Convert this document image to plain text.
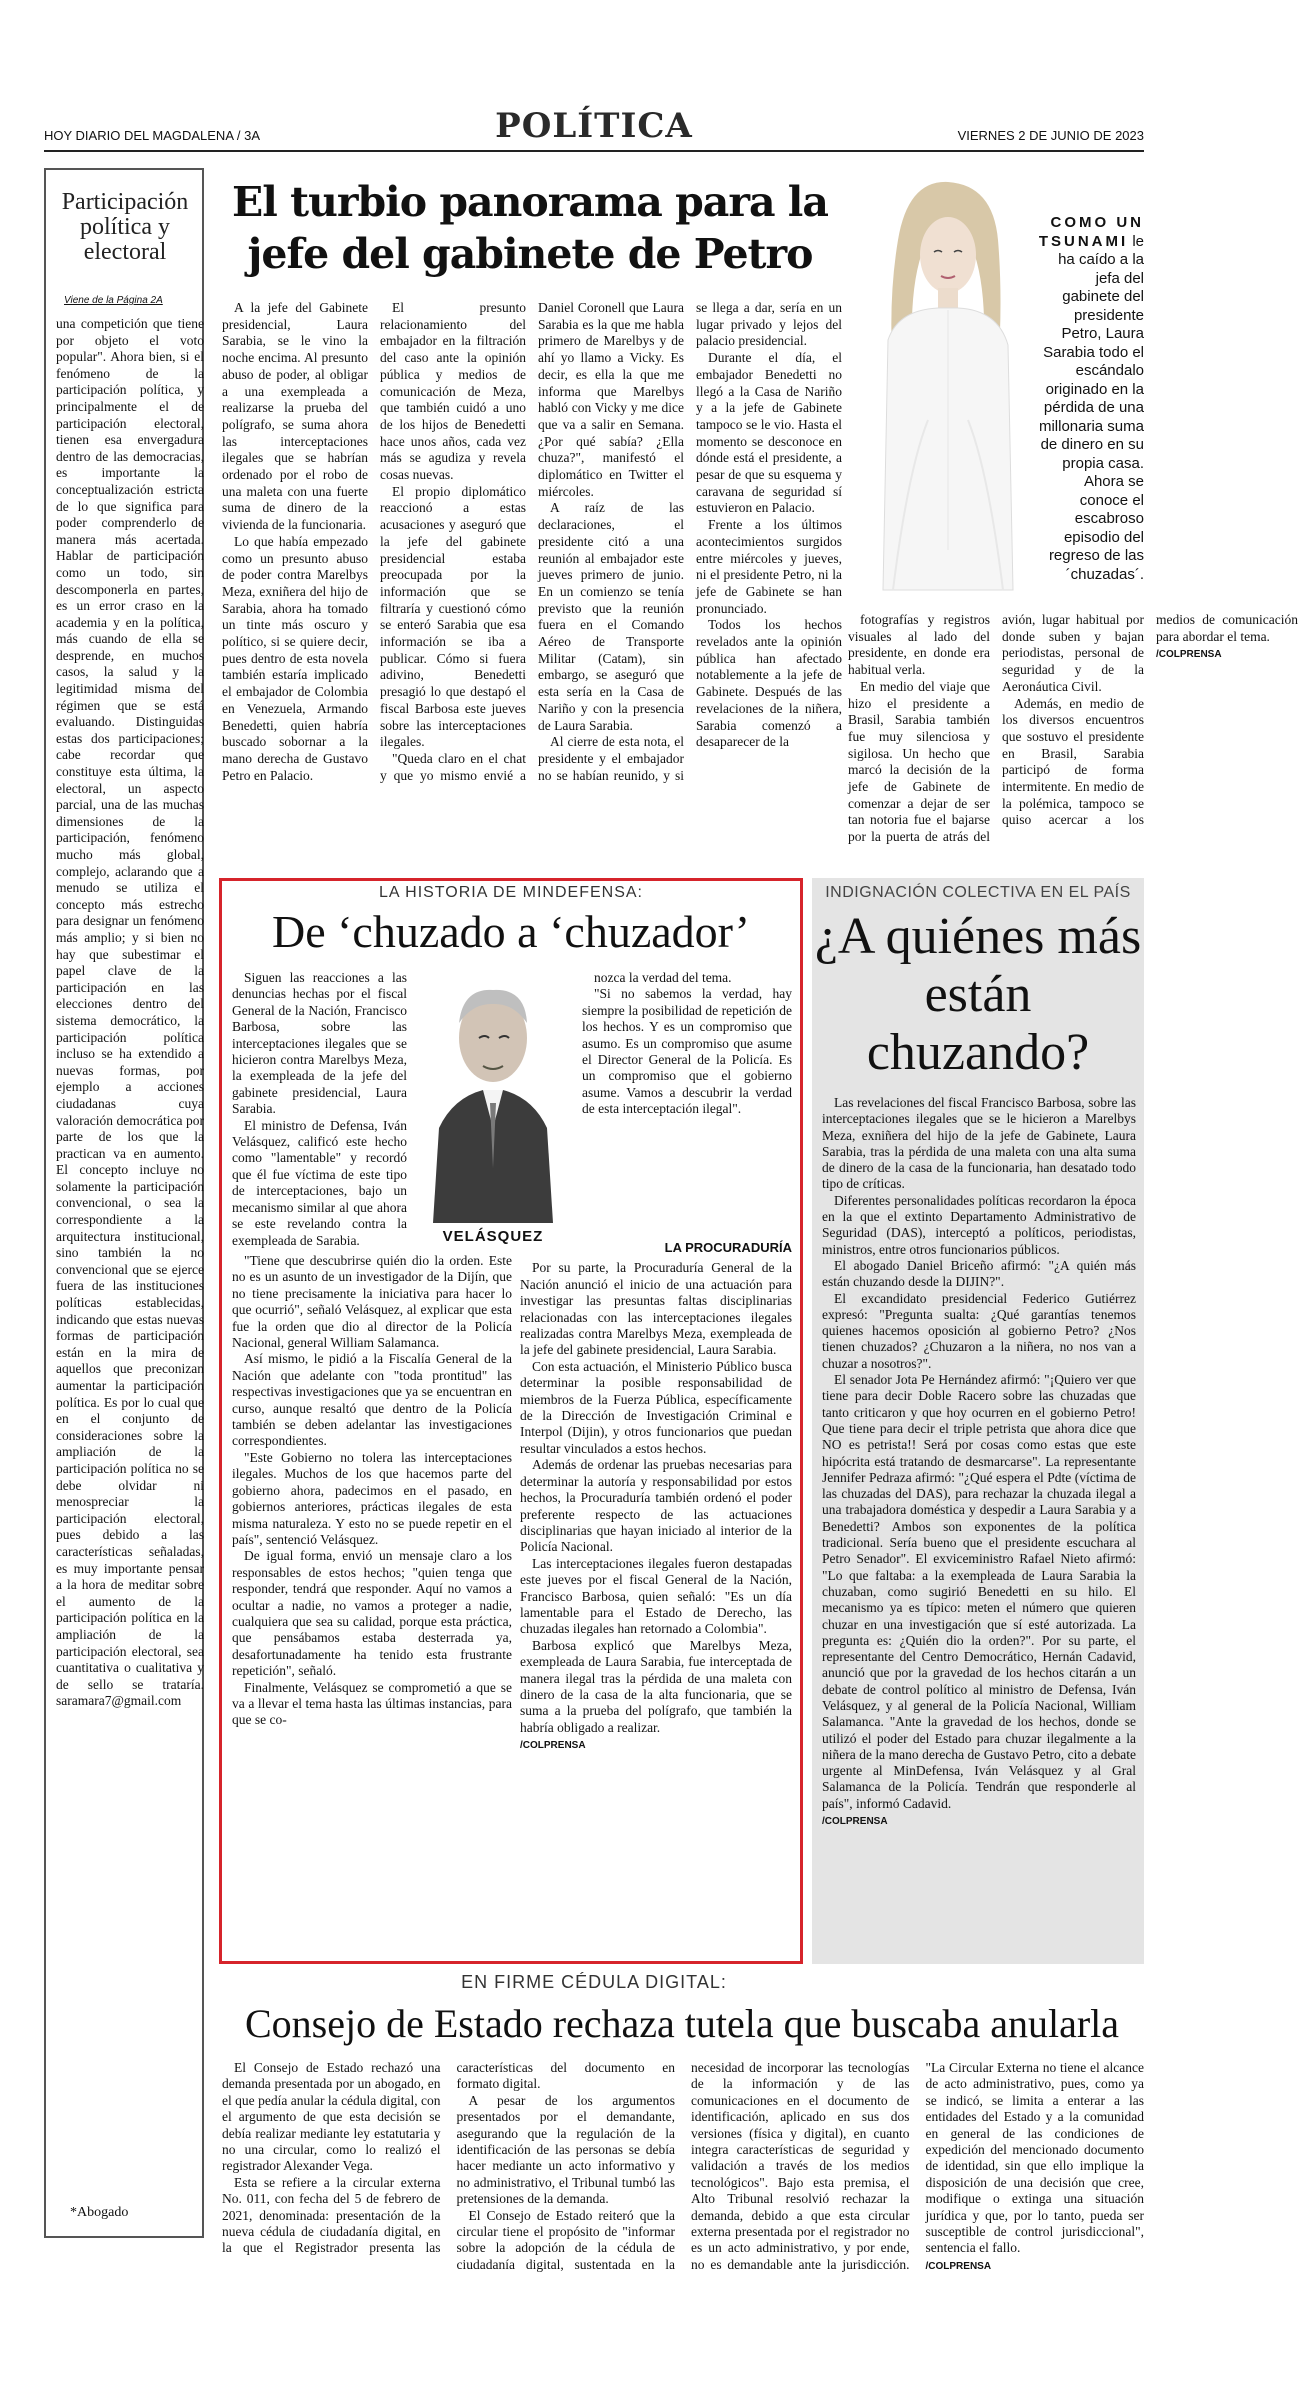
HOY DIARIO DEL MAGDALENA / 3A	POLÍTICA	VIERNES 2 DE JUNIO DE 2023
Participación política y electoral
Viene de la Página 2A
una competición que tiene por objeto el voto popular". Ahora bien, si el fenómeno de la participación política, y principalmente el de participación electoral, tienen esa envergadura dentro de las democracias, es importante la conceptualización estricta de lo que significa para poder comprenderlo de manera más acertada. Hablar de participación como un todo, sin descomponerla en partes, es un error craso en la academia y en la política, más cuando de ella se desprende, en muchos casos, la salud y la legitimidad misma del régimen que se está evaluando. Distinguidas estas dos participaciones; cabe recordar que constituye esta última, la electoral, un aspecto parcial, una de las muchas dimensiones de la participación, fenómeno mucho más global, complejo, aclarando que a menudo se utiliza el concepto más estrecho para designar un fenómeno más amplio; y si bien no hay que subestimar el papel clave de la participación en las elecciones dentro del sistema democrático, la participación política incluso se ha extendido a nuevas formas, por ejemplo a acciones ciudadanas cuya valoración democrática por parte de los que la practican va en aumento. El concepto incluye no solamente la participación convencional, o sea la correspondiente a la arquitectura institucional, sino también la no convencional que se ejerce fuera de las instituciones políticas establecidas, indicando que estas nuevas formas de participación están en la mira de aquellos que preconizan aumentar la participación política. Es por lo cual que en el conjunto de consideraciones sobre la ampliación de la participación política no se debe olvidar ni menospreciar la participación electoral, pues debido a las características señaladas, es muy importante pensar a la hora de meditar sobre el aumento de la participación política en la ampliación de la participación electoral, sea cuantitativa o cualitativa y de sello se trataría. saramara7@gmail.com
*Abogado
El turbio panorama para la jefe del gabinete de Petro

A la jefe del Gabinete presidencial, Laura Sarabia, se le vino la noche encima. Al presunto abuso de poder, al obligar a una exempleada a realizarse la prueba del polígrafo, se suma ahora las interceptaciones ilegales que se habrían ordenado por el robo de una maleta con una fuerte suma de dinero de la vivienda de la funcionaria.

Lo que había empezado como un presunto abuso de poder contra Marelbys Meza, exniñera del hijo de Sarabia, ahora ha tomado un tinte más oscuro y político, si se quiere decir, pues dentro de esta novela también estaría implicado el embajador de Colombia en Venezuela, Armando Benedetti, quien habría buscado sobornar a la mano derecha de Gustavo Petro en Palacio.

El presunto relacionamiento del embajador en la filtración del caso ante la opinión pública y medios de comunicación de Meza, que también cuidó a uno de los hijos de Benedetti hace unos años, cada vez más se agudiza y revela cosas nuevas.

El propio diplomático reaccionó a estas acusaciones y aseguró que la jefe del gabinete presidencial estaba preocupada por la información que se filtraría y cuestionó cómo se enteró Sarabia que esa información se iba a publicar. Cómo si fuera adivino, Benedetti presagió lo que destapó el fiscal Barbosa este jueves sobre las interceptaciones ilegales.

"Queda claro en el chat y que yo mismo envié a Daniel Coronell que Laura Sarabia es la que me habla primero de Marelbys y de ahí yo llamo a Vicky. Es decir, es ella la que me informa que Marelbys habló con Vicky y me dice que va a salir en Semana. ¿Por qué sabía? ¿Ella chuza?", manifestó el diplomático en Twitter el miércoles.

A raíz de las declaraciones, el presidente citó a una reunión al embajador este jueves primero de junio. En un comienzo se tenía previsto que la reunión fuera en el Comando Aéreo de Transporte Militar (Catam), sin embargo, se aseguró que esta sería en la Casa de Nariño y con la presencia de Laura Sarabia.

Al cierre de esta nota, el presidente y el embajador no se habían reunido, y si se llega a dar, sería en un lugar privado y lejos del palacio presidencial.

Durante el día, el embajador Benedetti no llegó a la Casa de Nariño y a la jefe de Gabinete tampoco se le vio. Hasta el momento se desconoce en dónde está el presidente, a pesar de que su esquema y caravana de seguridad sí estuvieron en Palacio.

Frente a los últimos acontecimientos surgidos entre miércoles y jueves, ni el presidente Petro, ni la jefe de Gabinete se han pronunciado.

Todos los hechos revelados ante la opinión pública han afectado notablemente a la jefe de Gabinete. Después de las revelaciones de la niñera, Sarabia comenzó a desaparecer de la

COMO UN TSUNAMI le ha caído a la jefa del gabinete del presidente Petro, Laura Sarabia todo el escándalo originado en la pérdida de una millonaria suma de dinero en su propia casa. Ahora se conoce el escabroso episodio del regreso de las ´chuzadas´.

fotografías y registros visuales al lado del presidente, en donde era habitual verla.

En medio del viaje que hizo el presidente a Brasil, Sarabia también fue muy silenciosa y sigilosa. Un hecho que marcó la decisión de la jefe de Gabinete de comenzar a dejar de ser tan notoria fue el bajarse por la puerta de atrás del avión, lugar habitual por donde suben y bajan periodistas, personal de seguridad y de la Aeronáutica Civil.

Además, en medio de los diversos encuentros que sostuvo el presidente en Brasil, Sarabia participó de forma intermitente. En medio de la polémica, tampoco se quiso acercar a los medios de comunicación para abordar el tema.

/COLPRENSA
LA HISTORIA DE MINDEFENSA:
De ‘chuzado a ‘chuzador’

Siguen las reacciones a las denuncias hechas por el fiscal General de la Nación, Francisco Barbosa, sobre las interceptaciones ilegales que se hicieron contra Marelbys Meza, la exempleada de la jefe del gabinete presidencial, Laura Sarabia.

El ministro de Defensa, Iván Velásquez, calificó este hecho como "lamentable" y recordó que él fue víctima de este tipo de interceptaciones, bajo un mecanismo similar al que ahora se este revelando contra la exempleada de Sarabia.	VELÁSQUEZ

nozca la verdad del tema.

"Si no sabemos la verdad, hay siempre la posibilidad de repetición de los hechos. Y es un compromiso que asumo. Es un compromiso que asume el Director General de la Policía. Es un compromiso que el gobierno asume. Vamos a descubrir la verdad de esta interceptación ilegal".

"Tiene que descubrirse quién dio la orden. Este no es un asunto de un investigador de la Dijín, que no tiene precisamente la iniciativa para hacer lo que ocurrió", señaló Velásquez, al explicar que esta fue la orden que dio al director de la Policía Nacional, general William Salamanca.

Así mismo, le pidió a la Fiscalía General de la Nación que adelante con "toda prontitud" las respectivas investigaciones que ya se encuentran en curso, aunque resaltó que dentro de la Policía también se deben adelantar las investigaciones correspondientes.

"Este Gobierno no tolera las interceptaciones ilegales. Muchos de los que hacemos parte del gobierno ahora, padecimos en el pasado, en gobiernos anteriores, prácticas ilegales de esta misma naturaleza. Y esto no se puede repetir en el país", sentenció Velásquez.

De igual forma, envió un mensaje claro a los responsables de estos hechos; "quien tenga que responder, tendrá que responder. Aquí no vamos a ocultar a nadie, no vamos a proteger a nadie, cualquiera que sea su calidad, porque esta práctica, que pensábamos estaba desterrada ya, desafortunadamente ha tenido esta frustrante repetición", señaló.

Finalmente, Velásquez se comprometió a que se va a llevar el tema hasta las últimas instancias, para que se co-

LA PROCURADURÍA

Por su parte, la Procuraduría General de la Nación anunció el inicio de una actuación para investigar las presuntas faltas disciplinarias relacionadas con las interceptaciones ilegales realizadas contra Marelbys Meza, exempleada de la jefe del gabinete presidencial, Laura Sarabia.

Con esta actuación, el Ministerio Público busca determinar la posible responsabilidad de miembros de la Fuerza Pública, específicamente de la Dirección de Investigación Criminal e Interpol (Dijin), y otros funcionarios que puedan resultar vinculados a estos hechos.

Además de ordenar las pruebas necesarias para determinar la autoría y responsabilidad por estos hechos, la Procuraduría también ordenó el poder preferente respecto de las actuaciones disciplinarias que hayan iniciado al interior de la Policía Nacional.

Las interceptaciones ilegales fueron destapadas este jueves por el fiscal General de la Nación, Francisco Barbosa, quien señaló: "Es un día lamentable para el Estado de Derecho, las chuzadas ilegales han retornado a Colombia".

Barbosa explicó que Marelbys Meza, exempleada de Laura Sarabia, fue interceptada de manera ilegal tras la pérdida de una maleta con dinero de la casa de la alta funcionaria, que se suma a la prueba del polígrafo, que también la habría obligado a realizar.

/COLPRENSA
INDIGNACIÓN COLECTIVA EN EL PAÍS
¿A quiénes más están chuzando?

Las revelaciones del fiscal Francisco Barbosa, sobre las interceptaciones ilegales que se le hicieron a Marelbys Meza, exniñera del hijo de la jefe de Gabinete, Laura Sarabia, tras la pérdida de una maleta con una alta suma de dinero de la casa de la funcionaria, han desatado todo tipo de críticas.

Diferentes personalidades políticas recordaron la época en la que el extinto Departamento Administrativo de Seguridad (DAS), interceptó a políticos, periodistas, ministros, entre otros funcionarios públicos.

El abogado Daniel Briceño afirmó: "¿A quién más están chuzando desde la DIJIN?".

El excandidato presidencial Federico Gutiérrez expresó: "Pregunta sualta: ¿Qué garantías tenemos quienes hacemos oposición al gobierno Petro? ¿Nos tienen chuzados? ¿Chuzaron a la niñera, no nos van a chuzar a nosotros?".

El senador Jota Pe Hernández afirmó: "¡Quiero ver que tiene para decir Doble Racero sobre las chuzadas que tanto criticaron y que hoy ocurren en el gobierno Petro! Que tiene para decir el triple petrista que ahora dice que NO es petrista!! Será por cosas como estas que este hipócrita está tratando de desmarcarse". La representante Jennifer Pedraza afirmó: "¿Qué espera el Pdte (víctima de las chuzadas del DAS), para rechazar la chuzada ilegal a una trabajadora doméstica y despedir a Laura Sarabia y a Benedetti? Ambos son exponentes de la política tradicional. Sería bueno que el presidente escuchara al Petro Senador". El exviceministro Rafael Nieto afirmó: "Lo que faltaba: a la exempleada de Laura Sarabia la chuzaban, como sugirió Benedetti en su hilo. El mecanismo ya es típico: meten el número que quieren chuzar en una investigación que sí esté autorizada. La pregunta es: ¿Quién dio la orden?". Por su parte, el representante del Centro Democrático, Hernán Cadavid, anunció que por la gravedad de los hechos citarán a un debate de control político al ministro de Defensa, Iván Velásquez, y al general de la Policía Nacional, William Salamanca. "Ante la gravedad de los hechos, donde se utilizó el poder del Estado para chuzar ilegalmente a la niñera de la mano derecha de Gustavo Petro, cito a debate urgente al MinDefensa, Iván Velásquez y al Gral Salamanca de la Policía. Tendrán que responderle al país", informó Cadavid.

/COLPRENSA
EN FIRME CÉDULA DIGITAL:
Consejo de Estado rechaza tutela que buscaba anularla

El Consejo de Estado rechazó una demanda presentada por un abogado, en el que pedía anular la cédula digital, con el argumento de que esta decisión se debía realizar mediante ley estatutaria y no una circular, como lo realizó el registrador Alexander Vega.

Esta se refiere a la circular externa No. 011, con fecha del 5 de febrero de 2021, denominada: presentación de la nueva cédula de ciudadanía digital, en la que el Registrador presenta las características del documento en formato digital.

A pesar de los argumentos presentados por el demandante, asegurando que la regulación de la identificación de las personas se debía hacer mediante un acto informativo y no administrativo, el Tribunal tumbó las pretensiones de la demanda.

El Consejo de Estado reiteró que la circular tiene el propósito de "informar sobre la adopción de la cédula de ciudadanía digital, sustentada en la necesidad de incorporar las tecnologías de la información y de las comunicaciones en el documento de identificación, aplicado en sus dos versiones (física y digital), en cuanto integra características de seguridad y validación a través de los medios tecnológicos". Bajo esta premisa, el Alto Tribunal resolvió rechazar la demanda, debido a que esta circular externa presentada por el registrador no es un acto administrativo, y por ende, no es demandable ante la jurisdicción. "La Circular Externa no tiene el alcance de acto administrativo, pues, como ya se indicó, se limita a enterar a las entidades del Estado y a la comunidad en general de las condiciones de expedición del mencionado documento de identidad, sin que ello implique la disposición de una decisión que cree, modifique o extinga una situación jurídica y que, por lo tanto, pueda ser susceptible de control jurisdiccional", sentencia el fallo.

/COLPRENSA
